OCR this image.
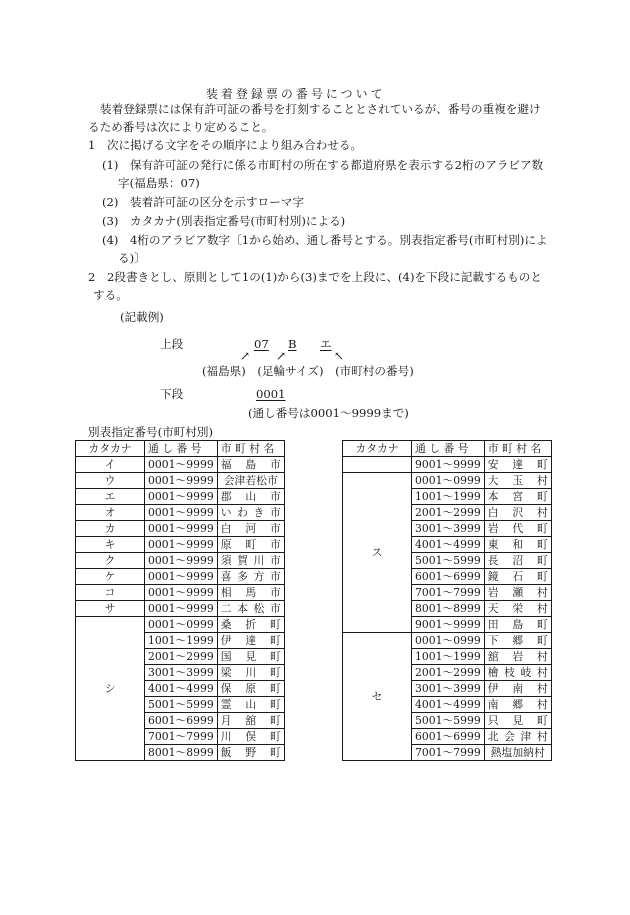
装着登録票の番号について
装着登録票には保有許可証の番号を打刻することとされているが、番号の重複を避け
るため番号は次により定めること。
1　次に掲げる文字をその順序により組み合わせる。
(1)　保有許可証の発行に係る市町村の所在する都道府県を表示する2桁のアラビア数
字(福島県：07)
(2)　装着許可証の区分を示すローマ字
(3)　カタカナ(別表指定番号(市町村別)による)
(4)　4桁のアラビア数字〔1から始め、通し番号とする。別表指定番号(市町村別)によ
る)〕
2　2段書きとし、原則として1の(1)から(3)までを上段に、(4)を下段に記載するものと
する。
(記載例)
上段	07 B エ
↗ ↗	↖
(福島県)　(足輪サイズ)　(市町村の番号)
下段	0001
(通し番号は0001～9999まで)
別表指定番号(市町村別)
カタカナ	通 し 番 号	市 町 村 名
イ	0001～9999	福 島 市

ウ	0001～9999	会津若松市

エ	0001～9999	郡 山 市

オ	0001～9999	い わ き 市

カ	0001～9999	白 河 市

キ	0001～9999	原 町 市

ク	0001～9999	須 賀 川 市

ケ	0001～9999	喜 多 方 市

コ	0001～9999	相 馬 市

サ	0001～9999	二 本 松 市

シ	0001～0999	桑 折 町

	1001～1999	伊 達 町

	2001～2999	国 見 町

	3001～3999	梁 川 町

	4001～4999	保 原 町

	5001～5999	霊 山 町

	6001～6999	月 舘 町

	7001～7999	川 俣 町

	8001～8999	飯 野 町
カタカナ	通 し 番 号	市 町 村 名
	9001～9999	安 達 町

ス	0001～0999	大 玉 村

	1001～1999	本 宮 町

	2001～2999	白 沢 村

	3001～3999	岩 代 町

	4001～4999	東 和 町

	5001～5999	長 沼 町

	6001～6999	鏡 石 町

	7001～7999	岩 瀬 村

	8001～8999	天 栄 村

	9001～9999	田 島 町

セ	0001～0999	下 郷 町

	1001～1999	舘 岩 村

	2001～2999	檜 枝 岐 村

	3001～3999	伊 南 村

	4001～4999	南 郷 村

	5001～5999	只 見 町

	6001～6999	北 会 津 村

	7001～7999	熱塩加納村
